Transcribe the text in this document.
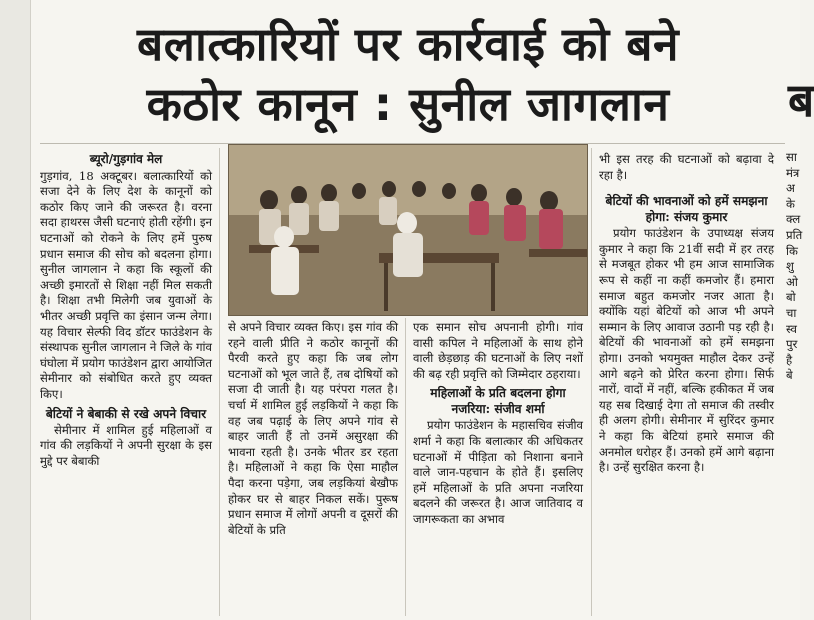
बलात्कारियों पर कार्रवाई को बने
कठोर कानून : सुनील जागलान	ब

ब्यूरो/गुड़गांव मेल

गुड़गांव, 18 अक्टूबर। बलात्कारियों को सजा देने के लिए देश के कानूनों को कठोर किए जाने की जरूरत है। वरना सदा हाथरस जैसी घटनाएं होती रहेंगी। इन घटनाओं को रोकने के लिए हमें पुरुष प्रधान समाज की सोच को बदलना होगा। सुनील जागलान ने कहा कि स्कूलों की अच्छी इमारतों से शिक्षा नहीं मिल सकती है। शिक्षा तभी मिलेगी जब युवाओं के भीतर अच्छी प्रवृत्ति का इंसान जन्म लेगा। यह विचार सेल्फी विद डॉटर फाउंडेशन के संस्थापक सुनील जागलान ने जिले के गांव घंघोला में प्रयोग फाउंडेशन द्वारा आयोजित सेमीनार को संबोधित करते हुए व्यक्त किए।

बेटियों ने बेबाकी से रखे अपने विचार

सेमीनार में शामिल हुई महिलाओं व गांव की लड़कियों ने अपनी सुरक्षा के इस मुद्दे पर बेबाकी

से अपने विचार व्यक्त किए। इस गांव की रहने वाली प्रीति ने कठोर कानूनों की पैरवी करते हुए कहा कि जब लोग घटनाओं को भूल जाते हैं, तब दोषियों को सजा दी जाती है। यह परंपरा गलत है। चर्चा में शामिल हुई लड़कियों ने कहा कि वह जब पढ़ाई के लिए अपने गांव से बाहर जाती हैं तो उनमें असुरक्षा की भावना रहती है। उनके भीतर डर रहता है। महिलाओं ने कहा कि ऐसा माहौल पैदा करना पड़ेगा, जब लड़कियां बेखौफ होकर घर से बाहर निकल सकें। पुरूष प्रधान समाज में लोगों अपनी व दूसरों की बेटियों के प्रति

एक समान सोच अपनानी होगी। गांव वासी कपिल ने महिलाओं के साथ होने वाली छेड़छाड़ की घटनाओं के लिए नशों की बढ़ रही प्रवृत्ति को जिम्मेदार ठहराया।

महिलाओं के प्रति बदलना होगा नजरिया: संजीव शर्मा

प्रयोग फाउंडेशन के महासचिव संजीव शर्मा ने कहा कि बलात्कार की अधिकतर घटनाओं में पीड़िता को निशाना बनाने वाले जान-पहचान के होते हैं। इसलिए हमें महिलाओं के प्रति अपना नजरिया बदलने की जरूरत है। आज जातिवाद व जागरूकता का अभाव

भी इस तरह की घटनाओं को बढ़ावा दे रहा है।

बेटियों की भावनाओं को हमें समझना होगा: संजय कुमार

प्रयोग फाउंडेशन के उपाध्यक्ष संजय कुमार ने कहा कि 21वीं सदी में हर तरह से मजबूत होकर भी हम आज सामाजिक रूप से कहीं ना कहीं कमजोर हैं। हमारा समाज बहुत कमजोर नजर आता है। क्योंकि यहां बेटियों को आज भी अपने सम्मान के लिए आवाज उठानी पड़ रही है। बेटियों की भावनाओं को हमें समझना होगा। उनको भयमुक्त माहौल देकर उन्हें आगे बढ़ने को प्रेरित करना होगा। सिर्फ नारों, वादों में नहीं, बल्कि हकीकत में जब यह सब दिखाई देगा तो समाज की तस्वीर ही अलग होगी। सेमीनार में सुरिंदर कुमार ने कहा कि बेटियां हमारे समाज की अनमोल धरोहर हैं। उनको हमें आगे बढ़ाना है। उन्हें सुरक्षित करना है।

सा मंत्र अ के क्ल प्रति कि शु ओ बो चा स्व पुर है बे
